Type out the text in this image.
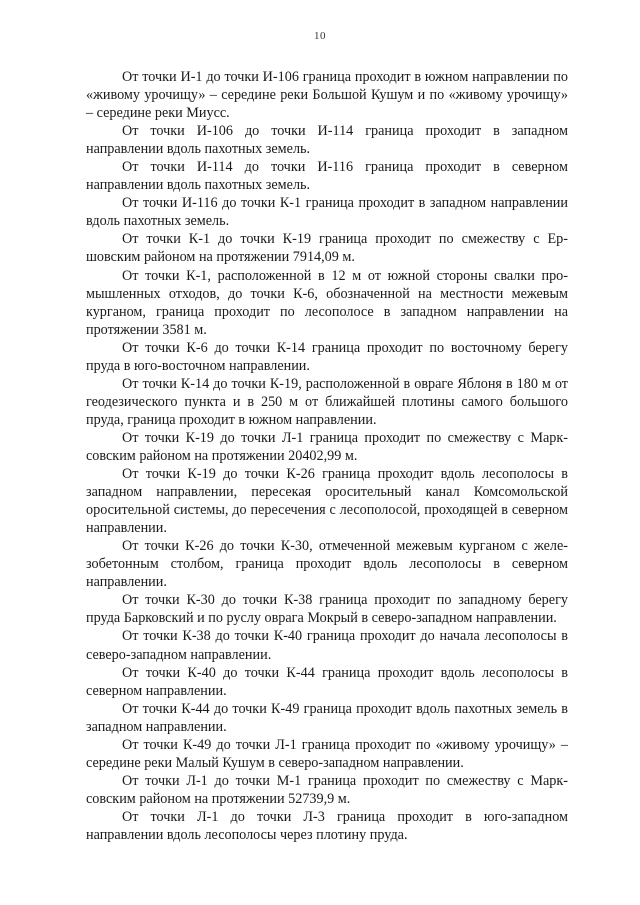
10

От точки И-1 до точки И-106 граница проходит в южном направлении по «живому урочищу» – середине реки Большой Кушум и по «живому урочищу» – середине реки Миусс.

От точки И-106 до точки И-114 граница проходит в западном направлении вдоль пахотных земель.

От точки И-114 до точки И-116 граница проходит в северном направлении вдоль пахотных земель.

От точки И-116 до точки К-1 граница проходит в западном направлении вдоль пахотных земель.

От точки К-1 до точки К-19 граница проходит по смежеству с Ершовским районом на протяжении 7914,09 м.

От точки К-1, расположенной в 12 м от южной стороны свалки промышленных отходов, до точки К-6, обозначенной на местности межевым курганом, граница проходит по лесополосе в западном направлении на протяжении 3581 м.

От точки К-6 до точки К-14 граница проходит по восточному берегу пруда в юго-восточном направлении.

От точки К-14 до точки К-19, расположенной в овраге Яблоня в 180 м от геодезического пункта и в 250 м от ближайшей плотины самого большого пруда, граница проходит в южном направлении.

От точки К-19 до точки Л-1 граница проходит по смежеству с Марксовским районом на протяжении 20402,99 м.

От точки К-19 до точки К-26 граница проходит вдоль лесополосы в западном направлении, пересекая оросительный канал Комсомольской оросительной системы, до пересечения с лесополосой, проходящей в северном направлении.

От точки К-26 до точки К-30, отмеченной межевым курганом с железобетонным столбом, граница проходит вдоль лесополосы в северном направлении.

От точки К-30 до точки К-38 граница проходит по западному берегу пруда Барковский и по руслу оврага Мокрый в северо-западном направлении.

От точки К-38 до точки К-40 граница проходит до начала лесополосы в северо-западном направлении.

От точки К-40 до точки К-44 граница проходит вдоль лесополосы в северном направлении.

От точки К-44 до точки К-49 граница проходит вдоль пахотных земель в западном направлении.

От точки К-49 до точки Л-1 граница проходит по «живому урочищу» – середине реки Малый Кушум в северо-западном направлении.

От точки Л-1 до точки М-1 граница проходит по смежеству с Марксовским районом на протяжении 52739,9 м.

От точки Л-1 до точки Л-3 граница проходит в юго-западном направлении вдоль лесополосы через плотину пруда.
